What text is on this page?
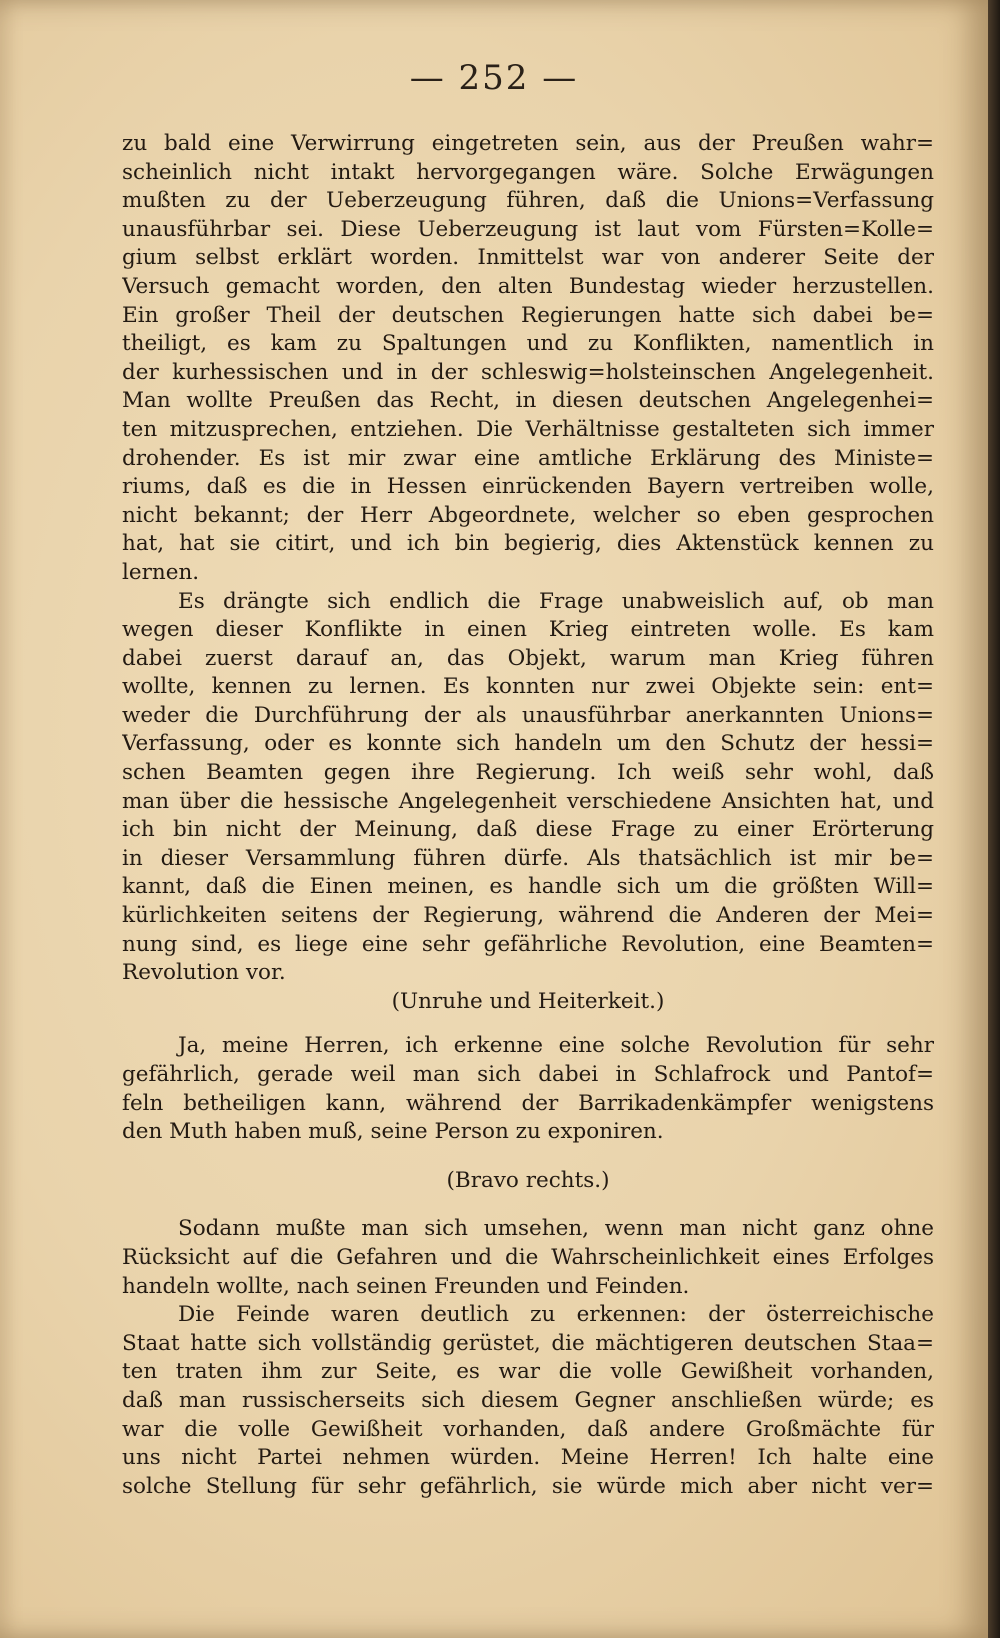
— 252 —
zu bald eine Verwirrung eingetreten sein, aus der Preußen wahr=
scheinlich nicht intakt hervorgegangen wäre. Solche Erwägungen
mußten zu der Ueberzeugung führen, daß die Unions=Verfassung
unausführbar sei. Diese Ueberzeugung ist laut vom Fürsten=Kolle=
gium selbst erklärt worden. Inmittelst war von anderer Seite der
Versuch gemacht worden, den alten Bundestag wieder herzustellen.
Ein großer Theil der deutschen Regierungen hatte sich dabei be=
theiligt, es kam zu Spaltungen und zu Konflikten, namentlich in
der kurhessischen und in der schleswig=holsteinschen Angelegenheit.
Man wollte Preußen das Recht, in diesen deutschen Angelegenhei=
ten mitzusprechen, entziehen. Die Verhältnisse gestalteten sich immer
drohender. Es ist mir zwar eine amtliche Erklärung des Ministe=
riums, daß es die in Hessen einrückenden Bayern vertreiben wolle,
nicht bekannt; der Herr Abgeordnete, welcher so eben gesprochen
hat, hat sie citirt, und ich bin begierig, dies Aktenstück kennen zu
lernen.
Es drängte sich endlich die Frage unabweislich auf, ob man
wegen dieser Konflikte in einen Krieg eintreten wolle. Es kam
dabei zuerst darauf an, das Objekt, warum man Krieg führen
wollte, kennen zu lernen. Es konnten nur zwei Objekte sein: ent=
weder die Durchführung der als unausführbar anerkannten Unions=
Verfassung, oder es konnte sich handeln um den Schutz der hessi=
schen Beamten gegen ihre Regierung. Ich weiß sehr wohl, daß
man über die hessische Angelegenheit verschiedene Ansichten hat, und
ich bin nicht der Meinung, daß diese Frage zu einer Erörterung
in dieser Versammlung führen dürfe. Als thatsächlich ist mir be=
kannt, daß die Einen meinen, es handle sich um die größten Will=
kürlichkeiten seitens der Regierung, während die Anderen der Mei=
nung sind, es liege eine sehr gefährliche Revolution, eine Beamten=
Revolution vor.
(Unruhe und Heiterkeit.)
Ja, meine Herren, ich erkenne eine solche Revolution für sehr
gefährlich, gerade weil man sich dabei in Schlafrock und Pantof=
feln betheiligen kann, während der Barrikadenkämpfer wenigstens
den Muth haben muß, seine Person zu exponiren.
(Bravo rechts.)
Sodann mußte man sich umsehen, wenn man nicht ganz ohne
Rücksicht auf die Gefahren und die Wahrscheinlichkeit eines Erfolges
handeln wollte, nach seinen Freunden und Feinden.
Die Feinde waren deutlich zu erkennen: der österreichische
Staat hatte sich vollständig gerüstet, die mächtigeren deutschen Staa=
ten traten ihm zur Seite, es war die volle Gewißheit vorhanden,
daß man russischerseits sich diesem Gegner anschließen würde; es
war die volle Gewißheit vorhanden, daß andere Großmächte für
uns nicht Partei nehmen würden. Meine Herren! Ich halte eine
solche Stellung für sehr gefährlich, sie würde mich aber nicht ver=
